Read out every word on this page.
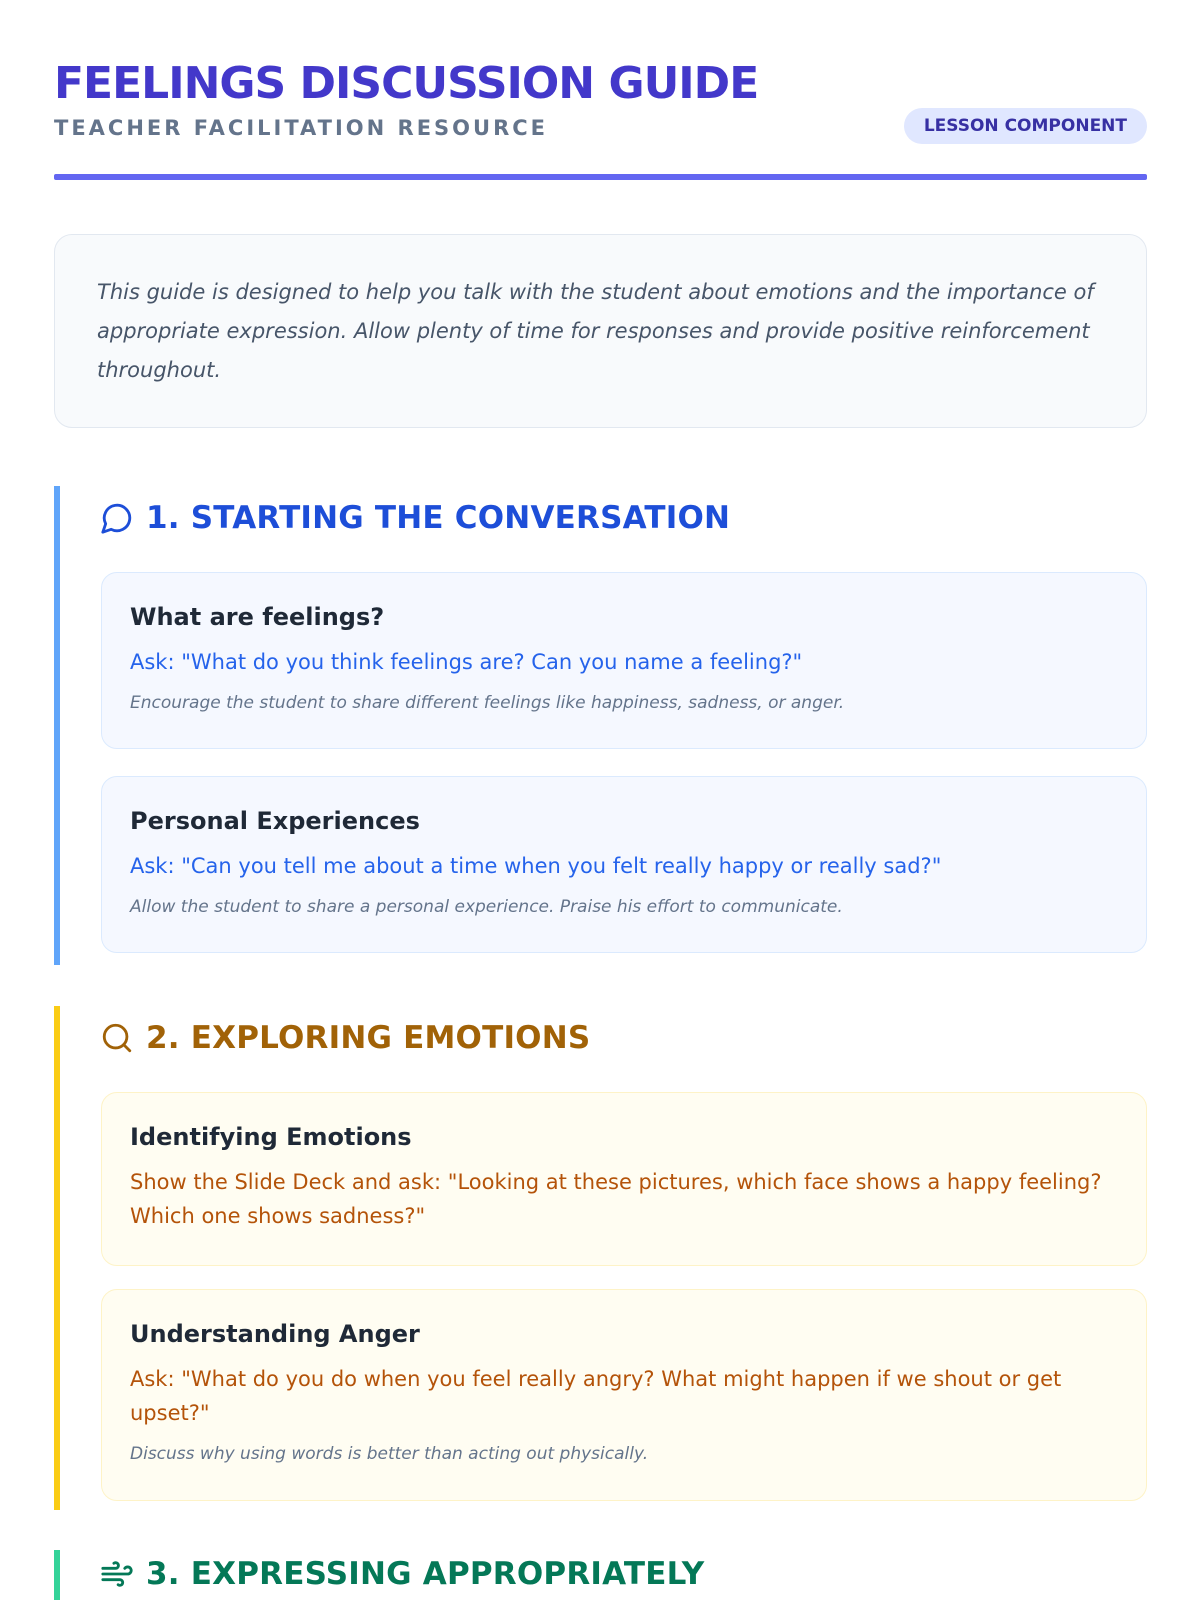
FEELINGS DISCUSSION GUIDE
TEACHER FACILITATION RESOURCE	LESSON COMPONENT

This guide is designed to help you talk with the student about emotions and the importance of appropriate expression. Allow plenty of time for responses and provide positive reinforcement throughout.

1. STARTING THE CONVERSATION
What are feelings?

Ask: "What do you think feelings are? Can you name a feeling?"

Encourage the student to share different feelings like happiness, sadness, or anger.

Personal Experiences

Ask: "Can you tell me about a time when you felt really happy or really sad?"

Allow the student to share a personal experience. Praise his effort to communicate.

2. EXPLORING EMOTIONS
Identifying Emotions

Show the Slide Deck and ask: "Looking at these pictures, which face shows a happy feeling? Which one shows sadness?"

Understanding Anger

Ask: "What do you do when you feel really angry? What might happen if we shout or get upset?"

Discuss why using words is better than acting out physically.

3. EXPRESSING APPROPRIATELY
